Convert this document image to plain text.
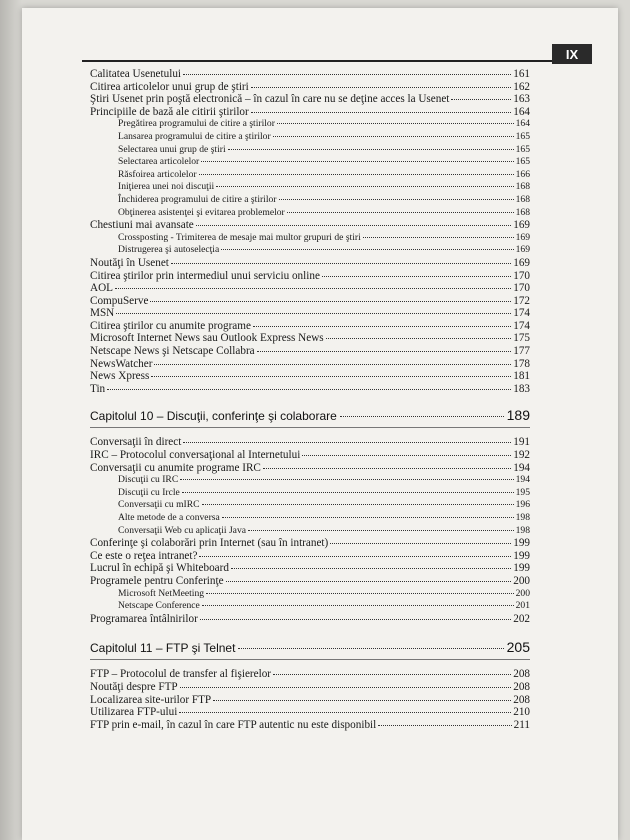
IX
Calitatea Usenetului	161
Citirea articolelor unui grup de ştiri	162
Ştiri Usenet prin poştă electronică – în cazul în care nu se deţine acces la Usenet	163
Principiile de bază ale citirii ştirilor	164
Pregătirea programului de citire a ştirilor	164
Lansarea programului de citire a ştirilor	165
Selectarea unui grup de ştiri	165
Selectarea articolelor	165
Răsfoirea articolelor	166
Iniţierea unei noi discuţii	168
Închiderea programului de citire a ştirilor	168
Obţinerea asistenţei şi evitarea problemelor	168
Chestiuni mai avansate	169
Crossposting - Trimiterea de mesaje mai multor grupuri de ştiri	169
Distrugerea şi autoselecţia	169
Noutăţi în Usenet	169
Citirea ştirilor prin intermediul unui serviciu online	170
AOL	170
CompuServe	172
MSN	174
Citirea ştirilor cu anumite programe	174
Microsoft Internet News sau Outlook Express News	175
Netscape News şi Netscape Collabra	177
NewsWatcher	178
News Xpress	181
Tin	183
Capitolul 10 – Discuţii, conferinţe şi colaborare	189
Conversaţii în direct	191
IRC – Protocolul conversaţional al Internetului	192
Conversaţii cu anumite programe IRC	194
Discuţii cu IRC	194
Discuţii cu Ircle	195
Conversaţii cu mIRC	196
Alte metode de a conversa	198
Conversaţii Web cu aplicaţii Java	198
Conferinţe şi colaborări prin Internet (sau în intranet)	199
Ce este o reţea intranet?	199
Lucrul în echipă şi Whiteboard	199
Programele pentru Conferinţe	200
Microsoft NetMeeting	200
Netscape Conference	201
Programarea întâlnirilor	202
Capitolul 11 – FTP şi Telnet	205
FTP – Protocolul de transfer al fişierelor	208
Noutăţi despre FTP	208
Localizarea site-urilor FTP	208
Utilizarea FTP-ului	210
FTP prin e-mail, în cazul în care FTP autentic nu este disponibil	211
